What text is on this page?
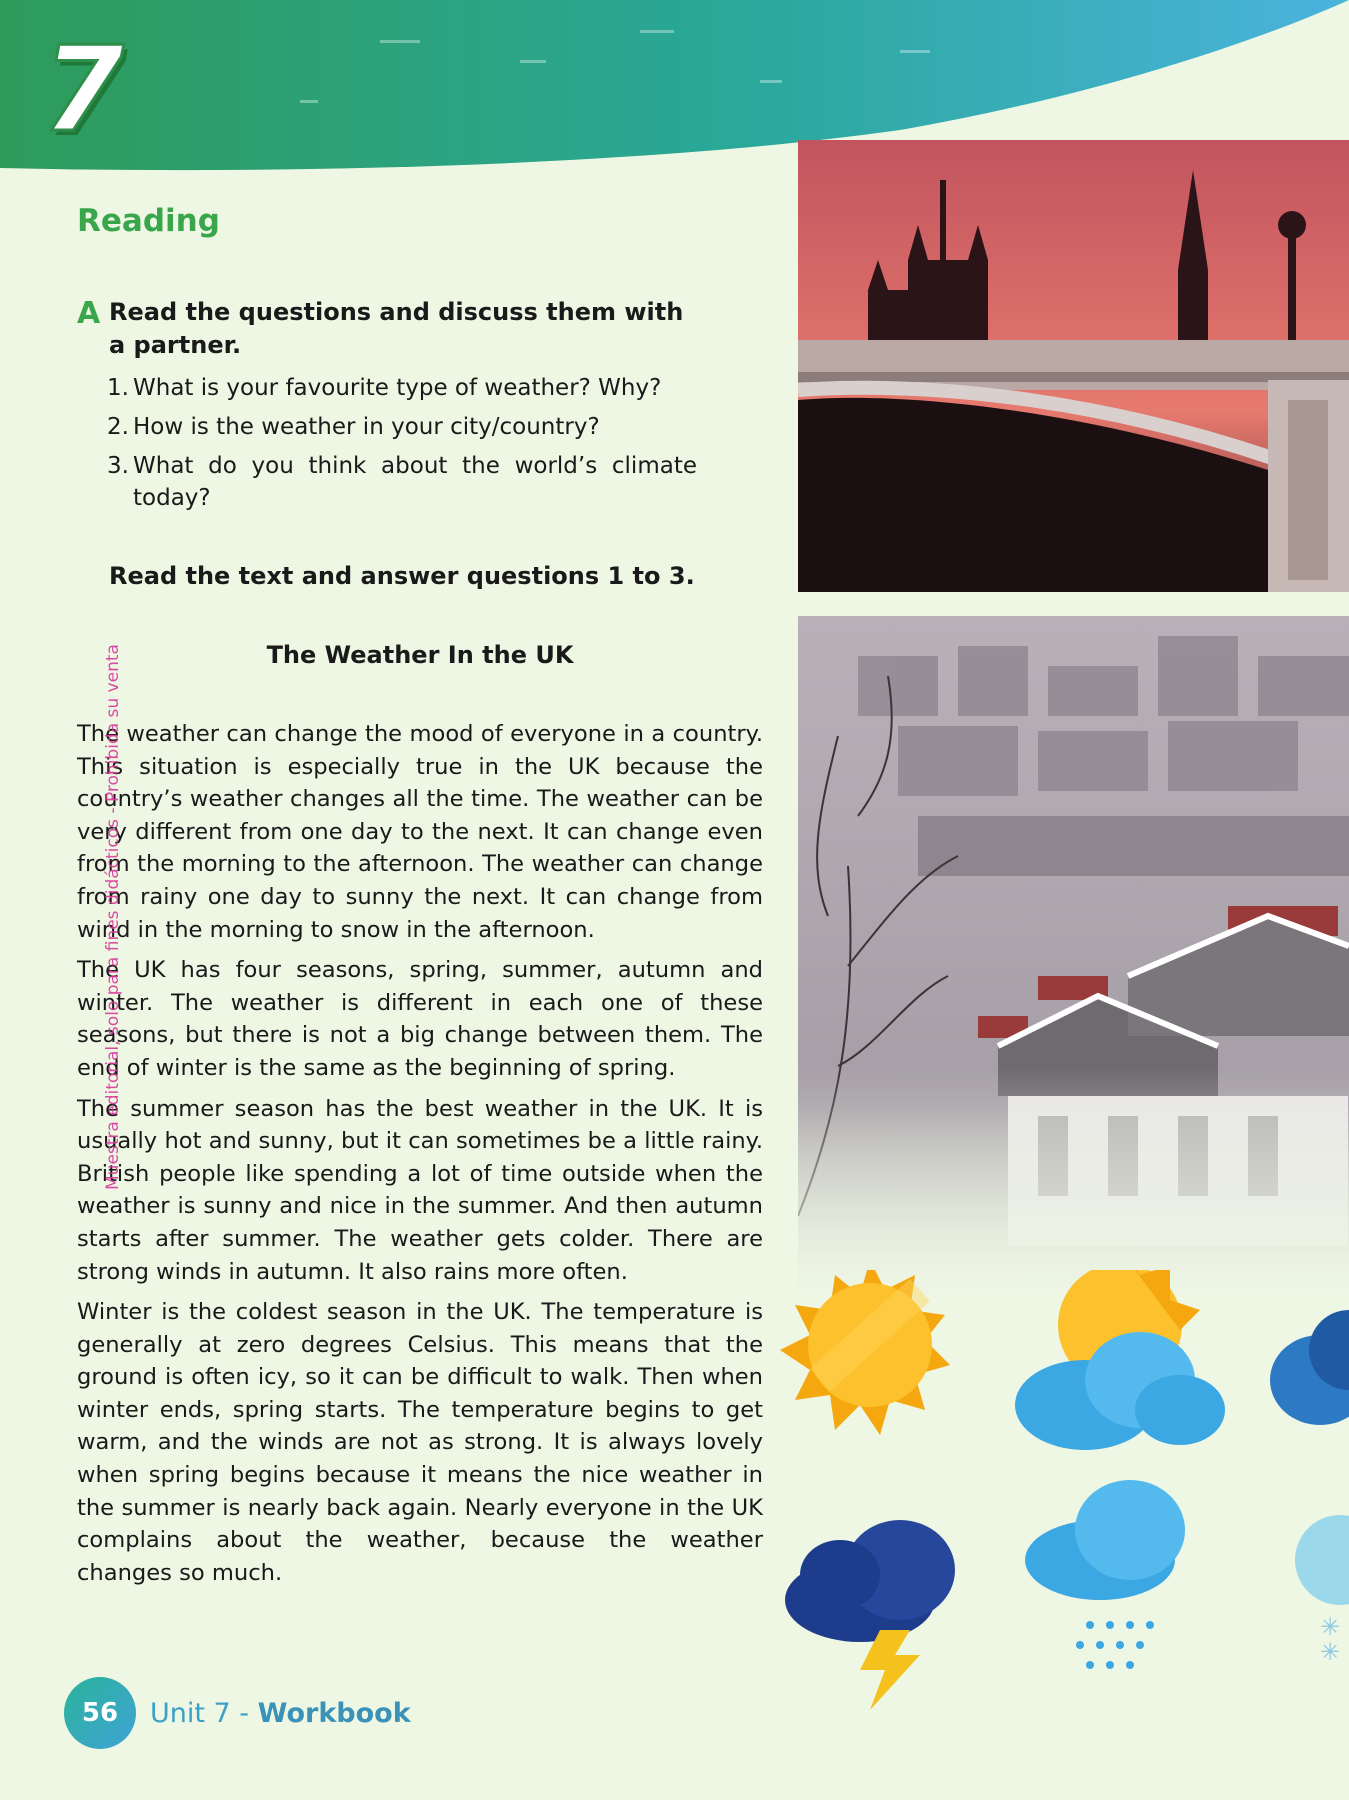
7
Reading
A Read the questions and discuss them with a partner.
1. What is your favourite type of weather? Why?
2. How is the weather in your city/country?
3. What do you think about the world’s climate today?
Read the text and answer questions 1 to 3.
The Weather In the UK

The weather can change the mood of everyone in a country. This situation is especially true in the UK because the country’s weather changes all the time. The weather can be very different from one day to the next. It can change even from the morning to the afternoon. The weather can change from rainy one day to sunny the next. It can change from wind in the morning to snow in the afternoon.

The UK has four seasons, spring, summer, autumn and winter. The weather is different in each one of these seasons, but there is not a big change between them. The end of winter is the same as the beginning of spring.

The summer season has the best weather in the UK. It is usually hot and sunny, but it can sometimes be a little rainy. British people like spending a lot of time outside when the weather is sunny and nice in the summer. And then autumn starts after summer. The weather gets colder. There are strong winds in autumn. It also rains more often.

Winter is the coldest season in the UK. The temperature is generally at zero degrees Celsius. This means that the ground is often icy, so it can be difficult to walk. Then when winter ends, spring starts. The temperature begins to get warm, and the winds are not as strong. It is always lovely when spring begins because it means the nice weather in the summer is nearly back again. Nearly everyone in the UK complains about the weather, because the weather changes so much.

Muestra editorial, solo para fines didácticos - Prohibida su venta
✳
✳
56	Unit 7 - Workbook
